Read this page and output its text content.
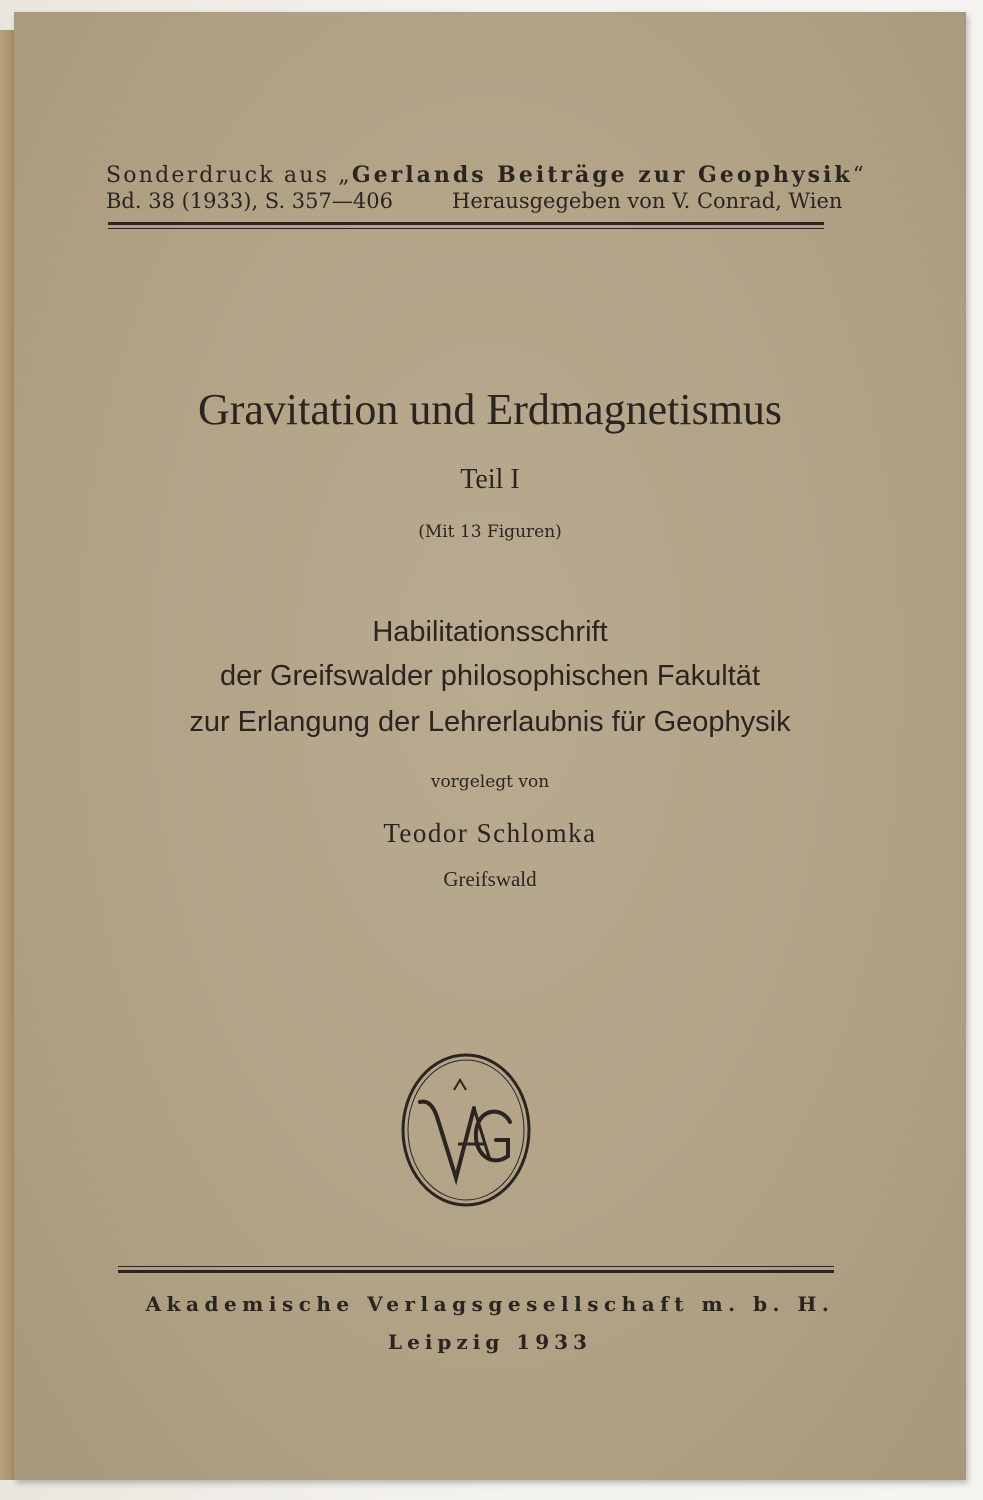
Sonderdruck aus „Gerlands Beiträge zur Geophysik“
Bd. 38 (1933), S. 357—406	Herausgegeben von V. Conrad, Wien
Gravitation und Erdmagnetismus
Teil I
(Mit 13 Figuren)
Habilitationsschrift
der Greifswalder philosophischen Fakultät
zur Erlangung der Lehrerlaubnis für Geophysik
vorgelegt von
Teodor Schlomka
Greifswald
Akademische Verlagsgesellschaft m. b. H.
Leipzig 1933
